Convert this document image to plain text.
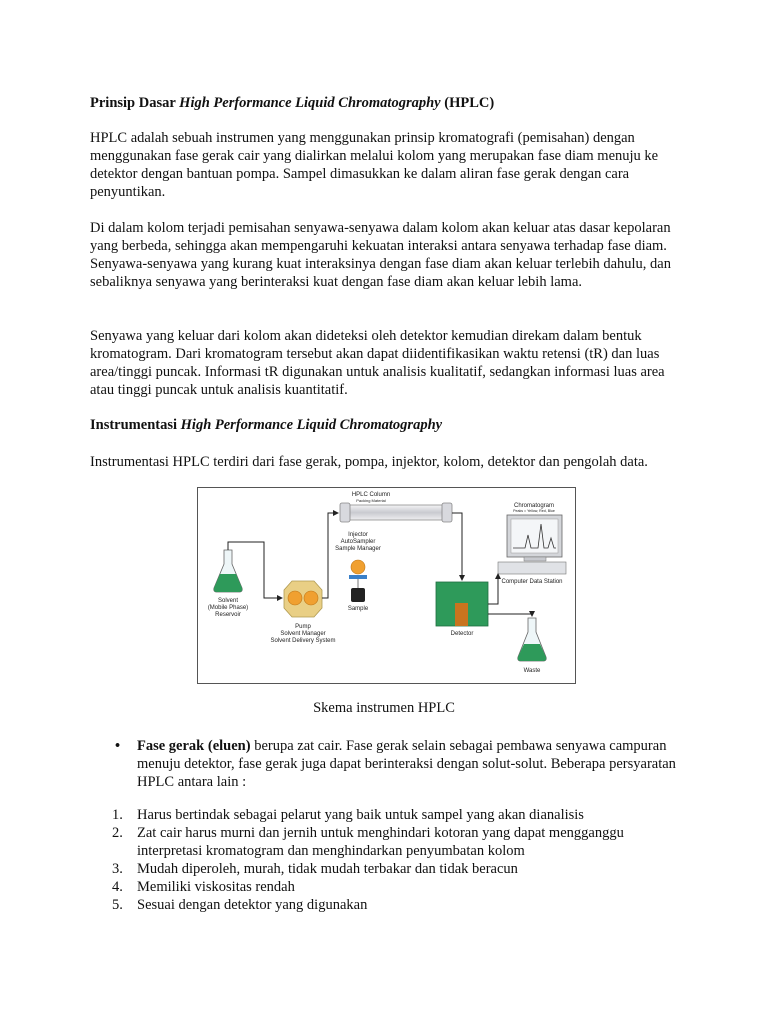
Prinsip Dasar High Performance Liquid Chromatography (HPLC)
HPLC adalah sebuah instrumen yang menggunakan prinsip kromatografi (pemisahan) dengan menggunakan fase gerak cair yang dialirkan melalui kolom yang merupakan fase diam menuju ke detektor dengan bantuan pompa. Sampel dimasukkan ke dalam aliran fase gerak dengan cara penyuntikan.
Di dalam kolom terjadi pemisahan senyawa-senyawa dalam kolom akan keluar atas dasar kepolaran yang berbeda, sehingga akan mempengaruhi kekuatan interaksi antara senyawa terhadap fase diam. Senyawa-senyawa yang kurang kuat interaksinya dengan fase diam akan keluar terlebih dahulu, dan sebaliknya senyawa yang berinteraksi kuat dengan fase diam akan keluar lebih lama.
Senyawa yang keluar dari kolom akan dideteksi oleh detektor kemudian direkam dalam bentuk kromatogram. Dari kromatogram tersebut akan dapat diidentifikasikan waktu retensi (tR) dan luas area/tinggi puncak. Informasi tR digunakan untuk analisis kualitatif, sedangkan informasi luas area atau tinggi puncak untuk analisis kuantitatif.
Instrumentasi High Performance Liquid Chromatography
Instrumentasi HPLC terdiri dari fase gerak, pompa, injektor, kolom, detektor dan pengolah data.
Skema instrumen HPLC
• Fase gerak (eluen) berupa zat cair. Fase gerak selain sebagai pembawa senyawa campuran menuju detektor, fase gerak juga dapat berinteraksi dengan solut-solut. Beberapa persyaratan HPLC antara lain :
1. Harus bertindak sebagai pelarut yang baik untuk sampel yang akan dianalisis
2. Zat cair harus murni dan jernih untuk menghindari kotoran yang dapat mengganggu interpretasi kromatogram dan menghindarkan penyumbatan kolom
3. Mudah diperoleh, murah, tidak mudah terbakar dan tidak beracun
4. Memiliki viskositas rendah
5. Sesuai dengan detektor yang digunakan
HPLC Column
Packing Material
Chromatogram
Peaks = Yellow, Red, Blue
Computer Data Station
Solvent
(Mobile Phase)
Reservoir
Pump
Solvent Manager
Solvent Delivery System
Injector
AutoSampler
Sample Manager
Sample
Detector
Waste
